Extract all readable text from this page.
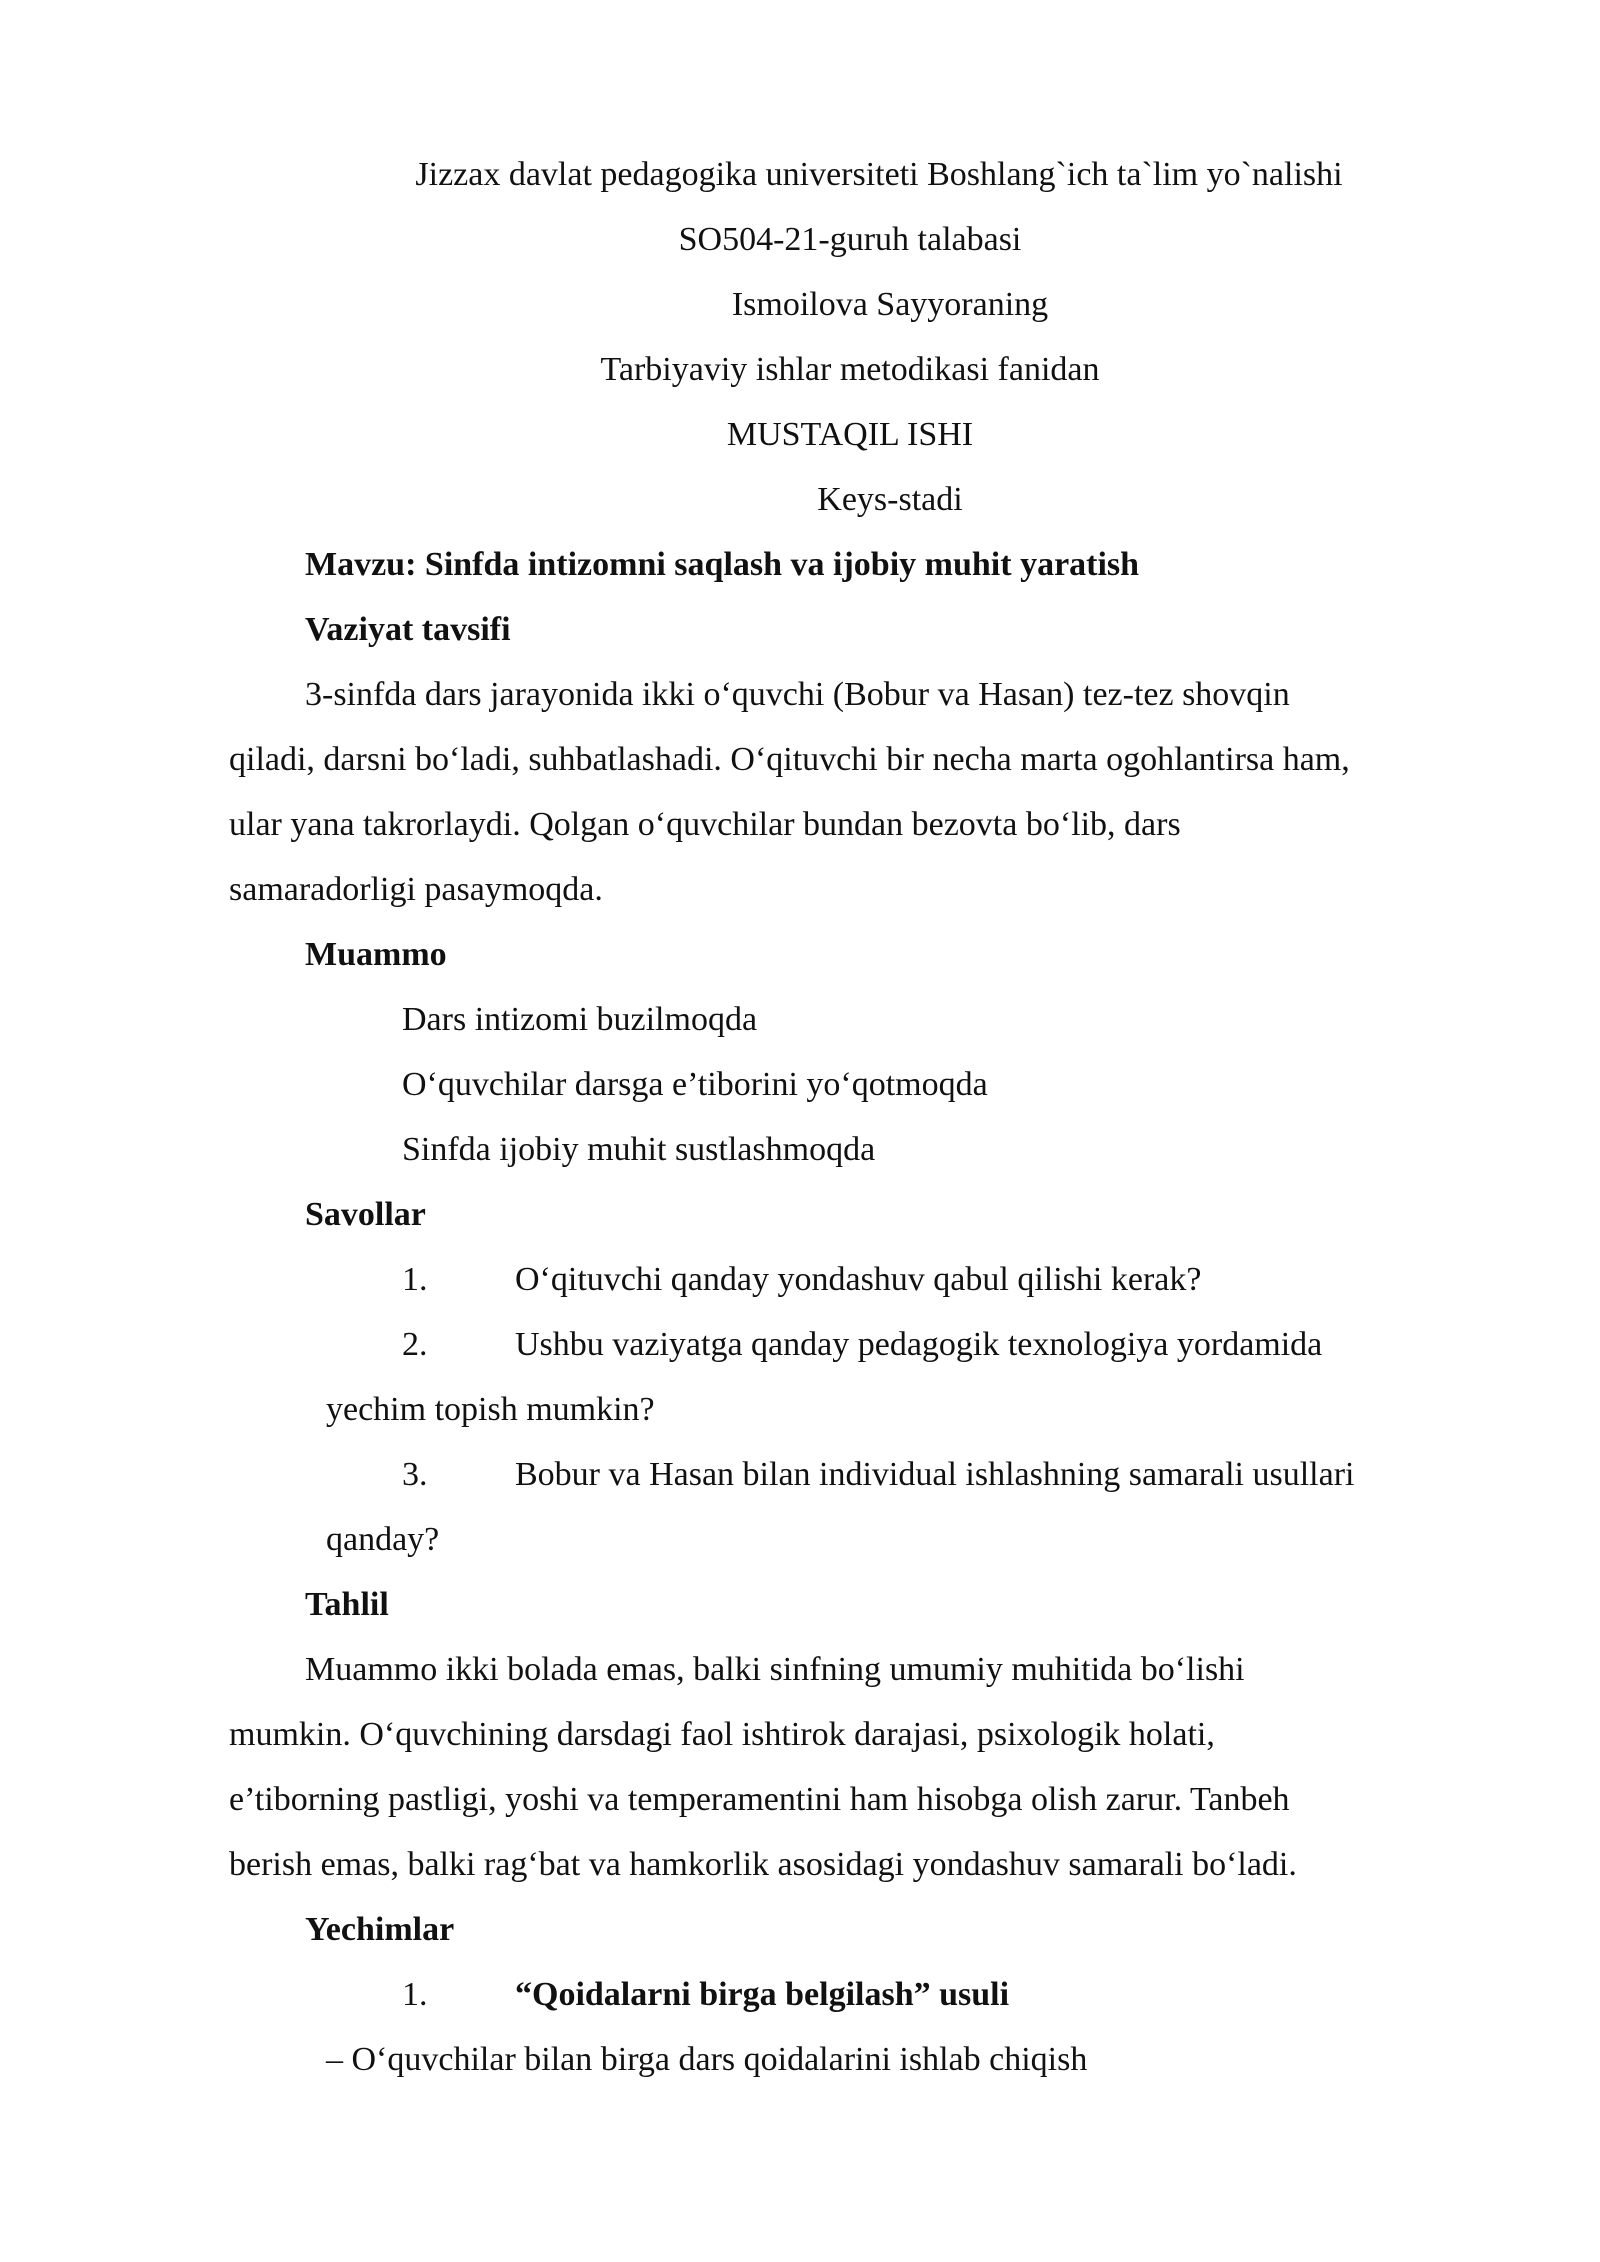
Jizzax davlat pedagogika universiteti Boshlang`ich ta`lim yo`nalishi
SO504-21-guruh talabasi
Ismoilova Sayyoraning
Tarbiyaviy ishlar metodikasi fanidan
MUSTAQIL ISHI
Keys-stadi
Mavzu: Sinfda intizomni saqlash va ijobiy muhit yaratish
Vaziyat tavsifi
3-sinfda dars jarayonida ikki o‘quvchi (Bobur va Hasan) tez-tez shovqin
qiladi, darsni bo‘ladi, suhbatlashadi. O‘qituvchi bir necha marta ogohlantirsa ham,
ular yana takrorlaydi. Qolgan o‘quvchilar bundan bezovta bo‘lib, dars
samaradorligi pasaymoqda.
Muammo
Dars intizomi buzilmoqda
O‘quvchilar darsga e’tiborini yo‘qotmoqda
Sinfda ijobiy muhit sustlashmoqda
Savollar
1.	O‘qituvchi qanday yondashuv qabul qilishi kerak?
2.	Ushbu vaziyatga qanday pedagogik texnologiya yordamida
yechim topish mumkin?
3.	Bobur va Hasan bilan individual ishlashning samarali usullari
qanday?
Tahlil
Muammo ikki bolada emas, balki sinfning umumiy muhitida bo‘lishi
mumkin. O‘quvchining darsdagi faol ishtirok darajasi, psixologik holati,
e’tiborning pastligi, yoshi va temperamentini ham hisobga olish zarur. Tanbeh
berish emas, balki rag‘bat va hamkorlik asosidagi yondashuv samarali bo‘ladi.
Yechimlar
1.	“Qoidalarni birga belgilash” usuli
– O‘quvchilar bilan birga dars qoidalarini ishlab chiqish
